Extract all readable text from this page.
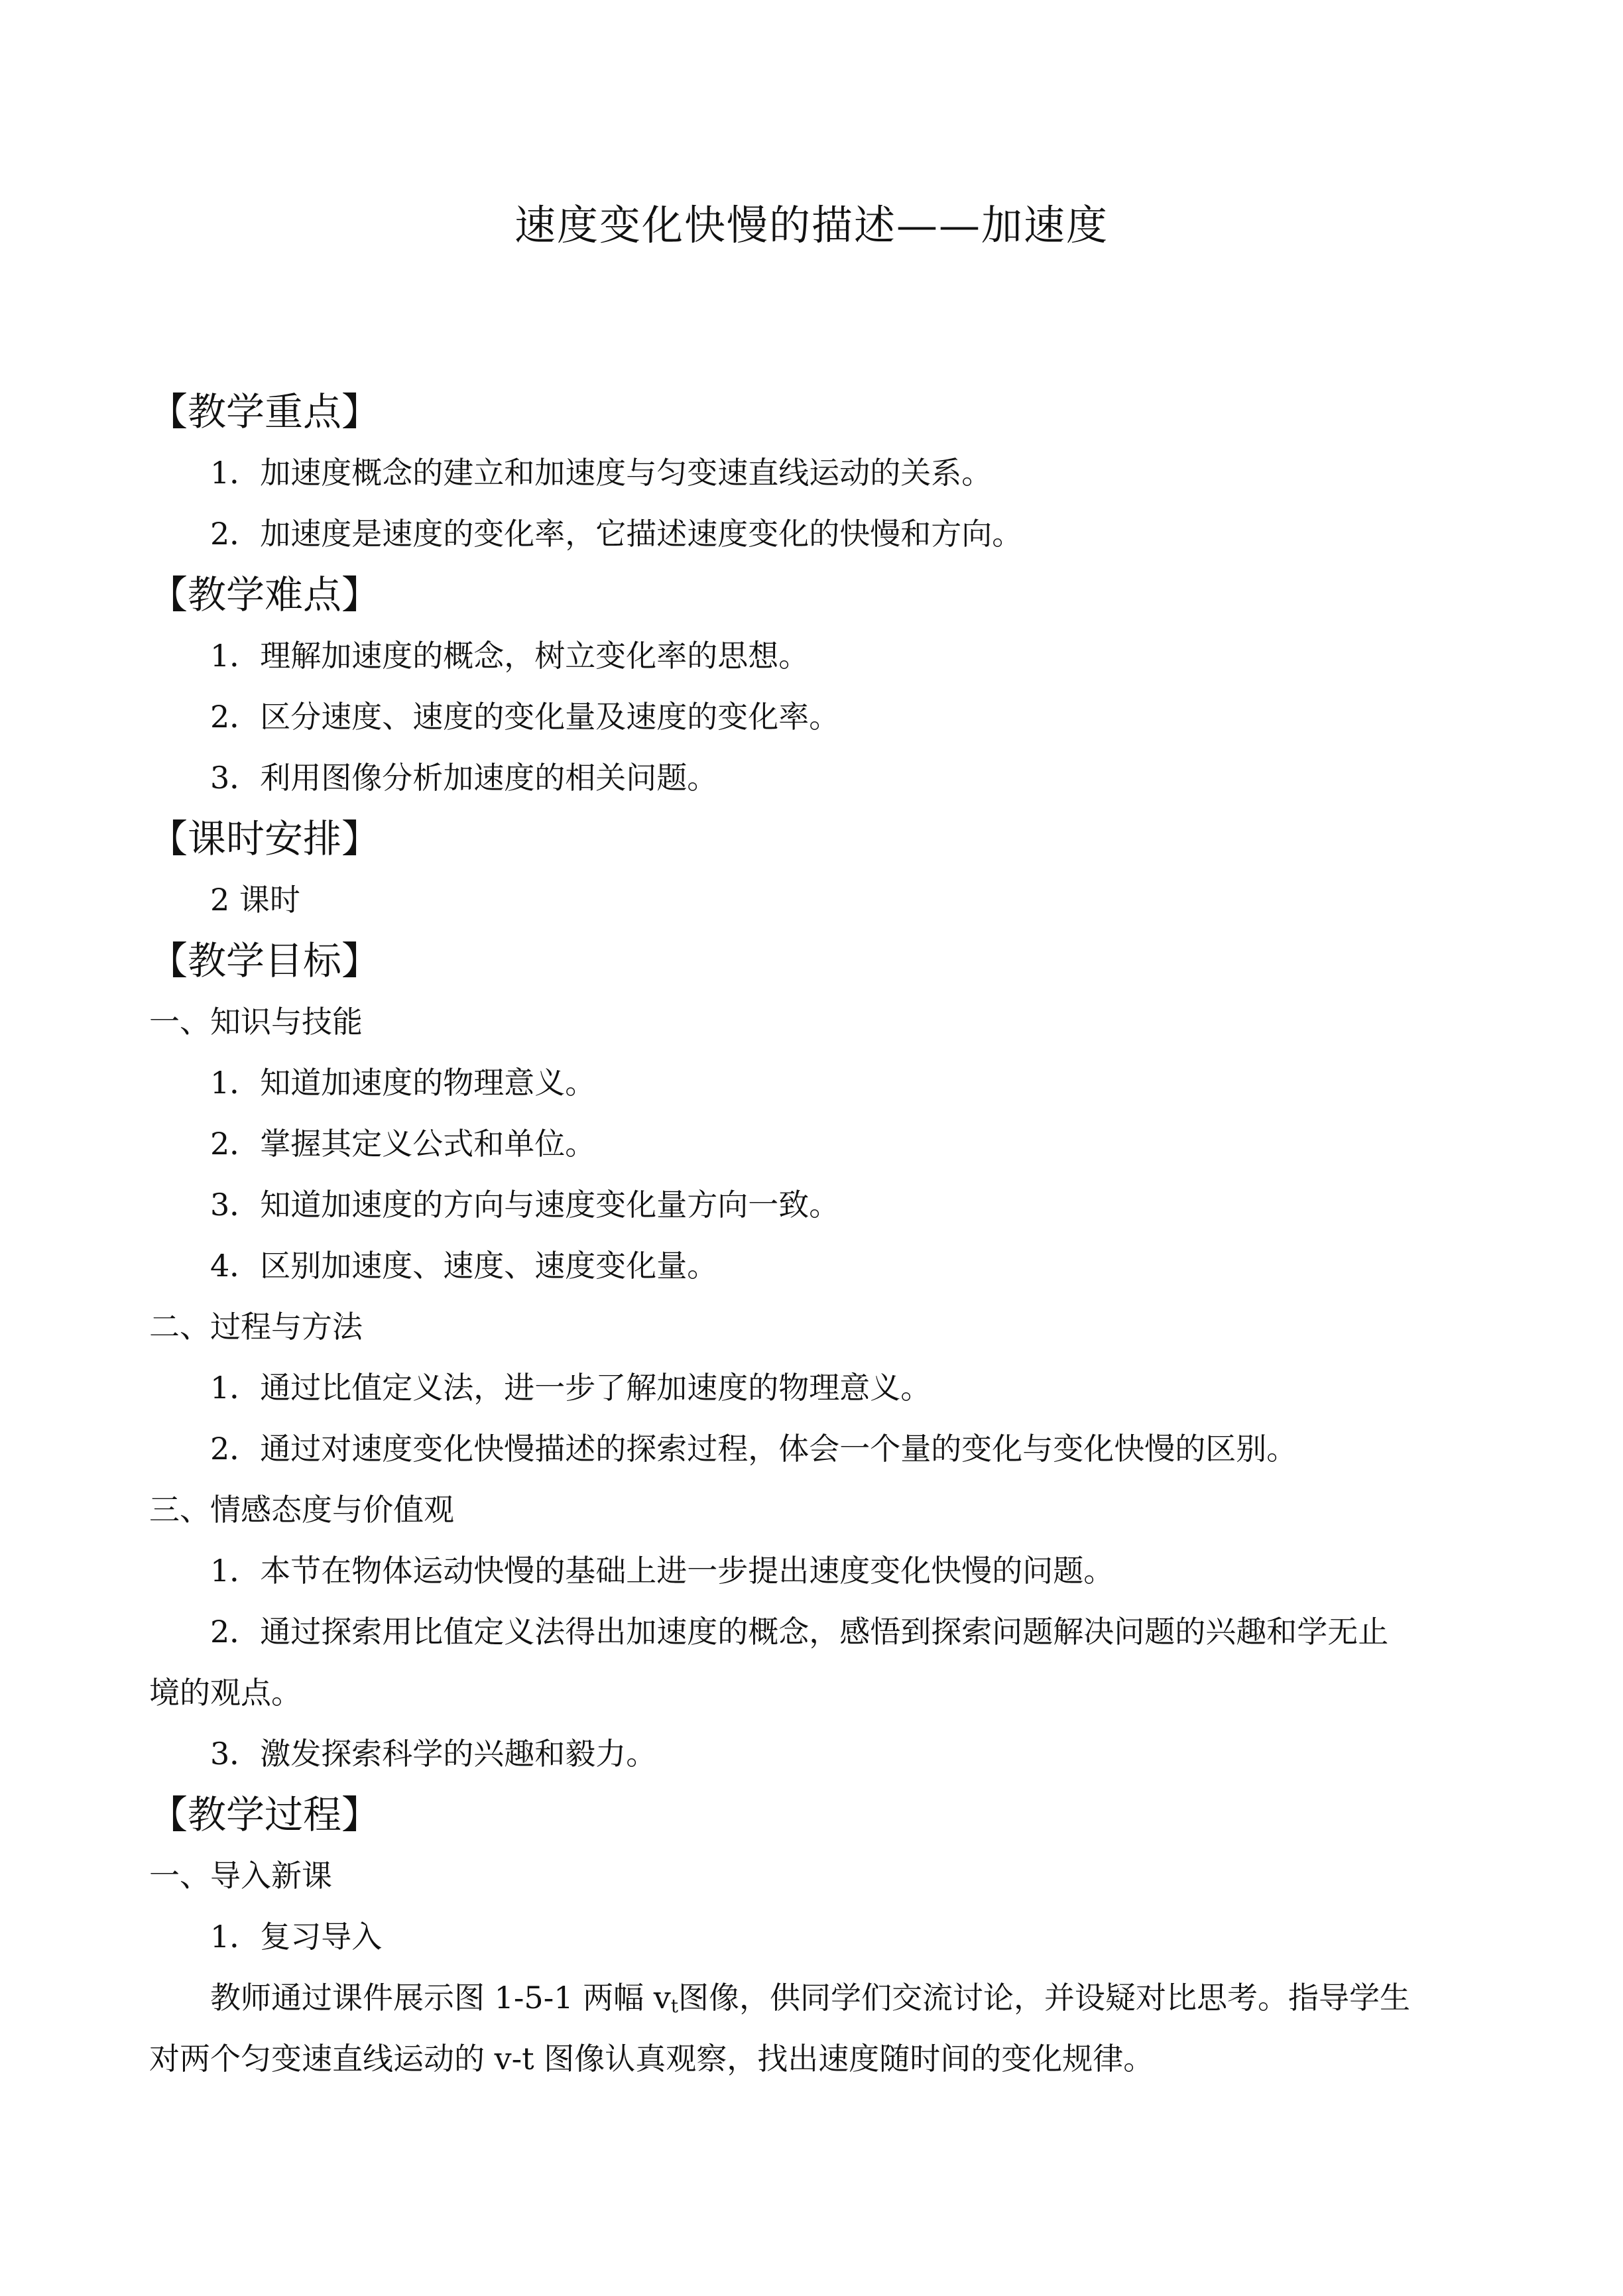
速度变化快慢的描述——加速度
【教学重点】
1．加速度概念的建立和加速度与匀变速直线运动的关系。
2．加速度是速度的变化率，它描述速度变化的快慢和方向。
【教学难点】
1．理解加速度的概念，树立变化率的思想。
2．区分速度、速度的变化量及速度的变化率。
3．利用图像分析加速度的相关问题。
【课时安排】
2 课时
【教学目标】
一、知识与技能
1．知道加速度的物理意义。
2．掌握其定义公式和单位。
3．知道加速度的方向与速度变化量方向一致。
4．区别加速度、速度、速度变化量。
二、过程与方法
1．通过比值定义法，进一步了解加速度的物理意义。
2．通过对速度变化快慢描述的探索过程，体会一个量的变化与变化快慢的区别。
三、情感态度与价值观
1．本节在物体运动快慢的基础上进一步提出速度变化快慢的问题。
2．通过探索用比值定义法得出加速度的概念，感悟到探索问题解决问题的兴趣和学无止
境的观点。
3．激发探索科学的兴趣和毅力。
【教学过程】
一、导入新课
1．复习导入
教师通过课件展示图 1-5-1 两幅 $v_t$图像，供同学们交流讨论，并设疑对比思考。指导学生
对两个匀变速直线运动的 v-t 图像认真观察，找出速度随时间的变化规律。
